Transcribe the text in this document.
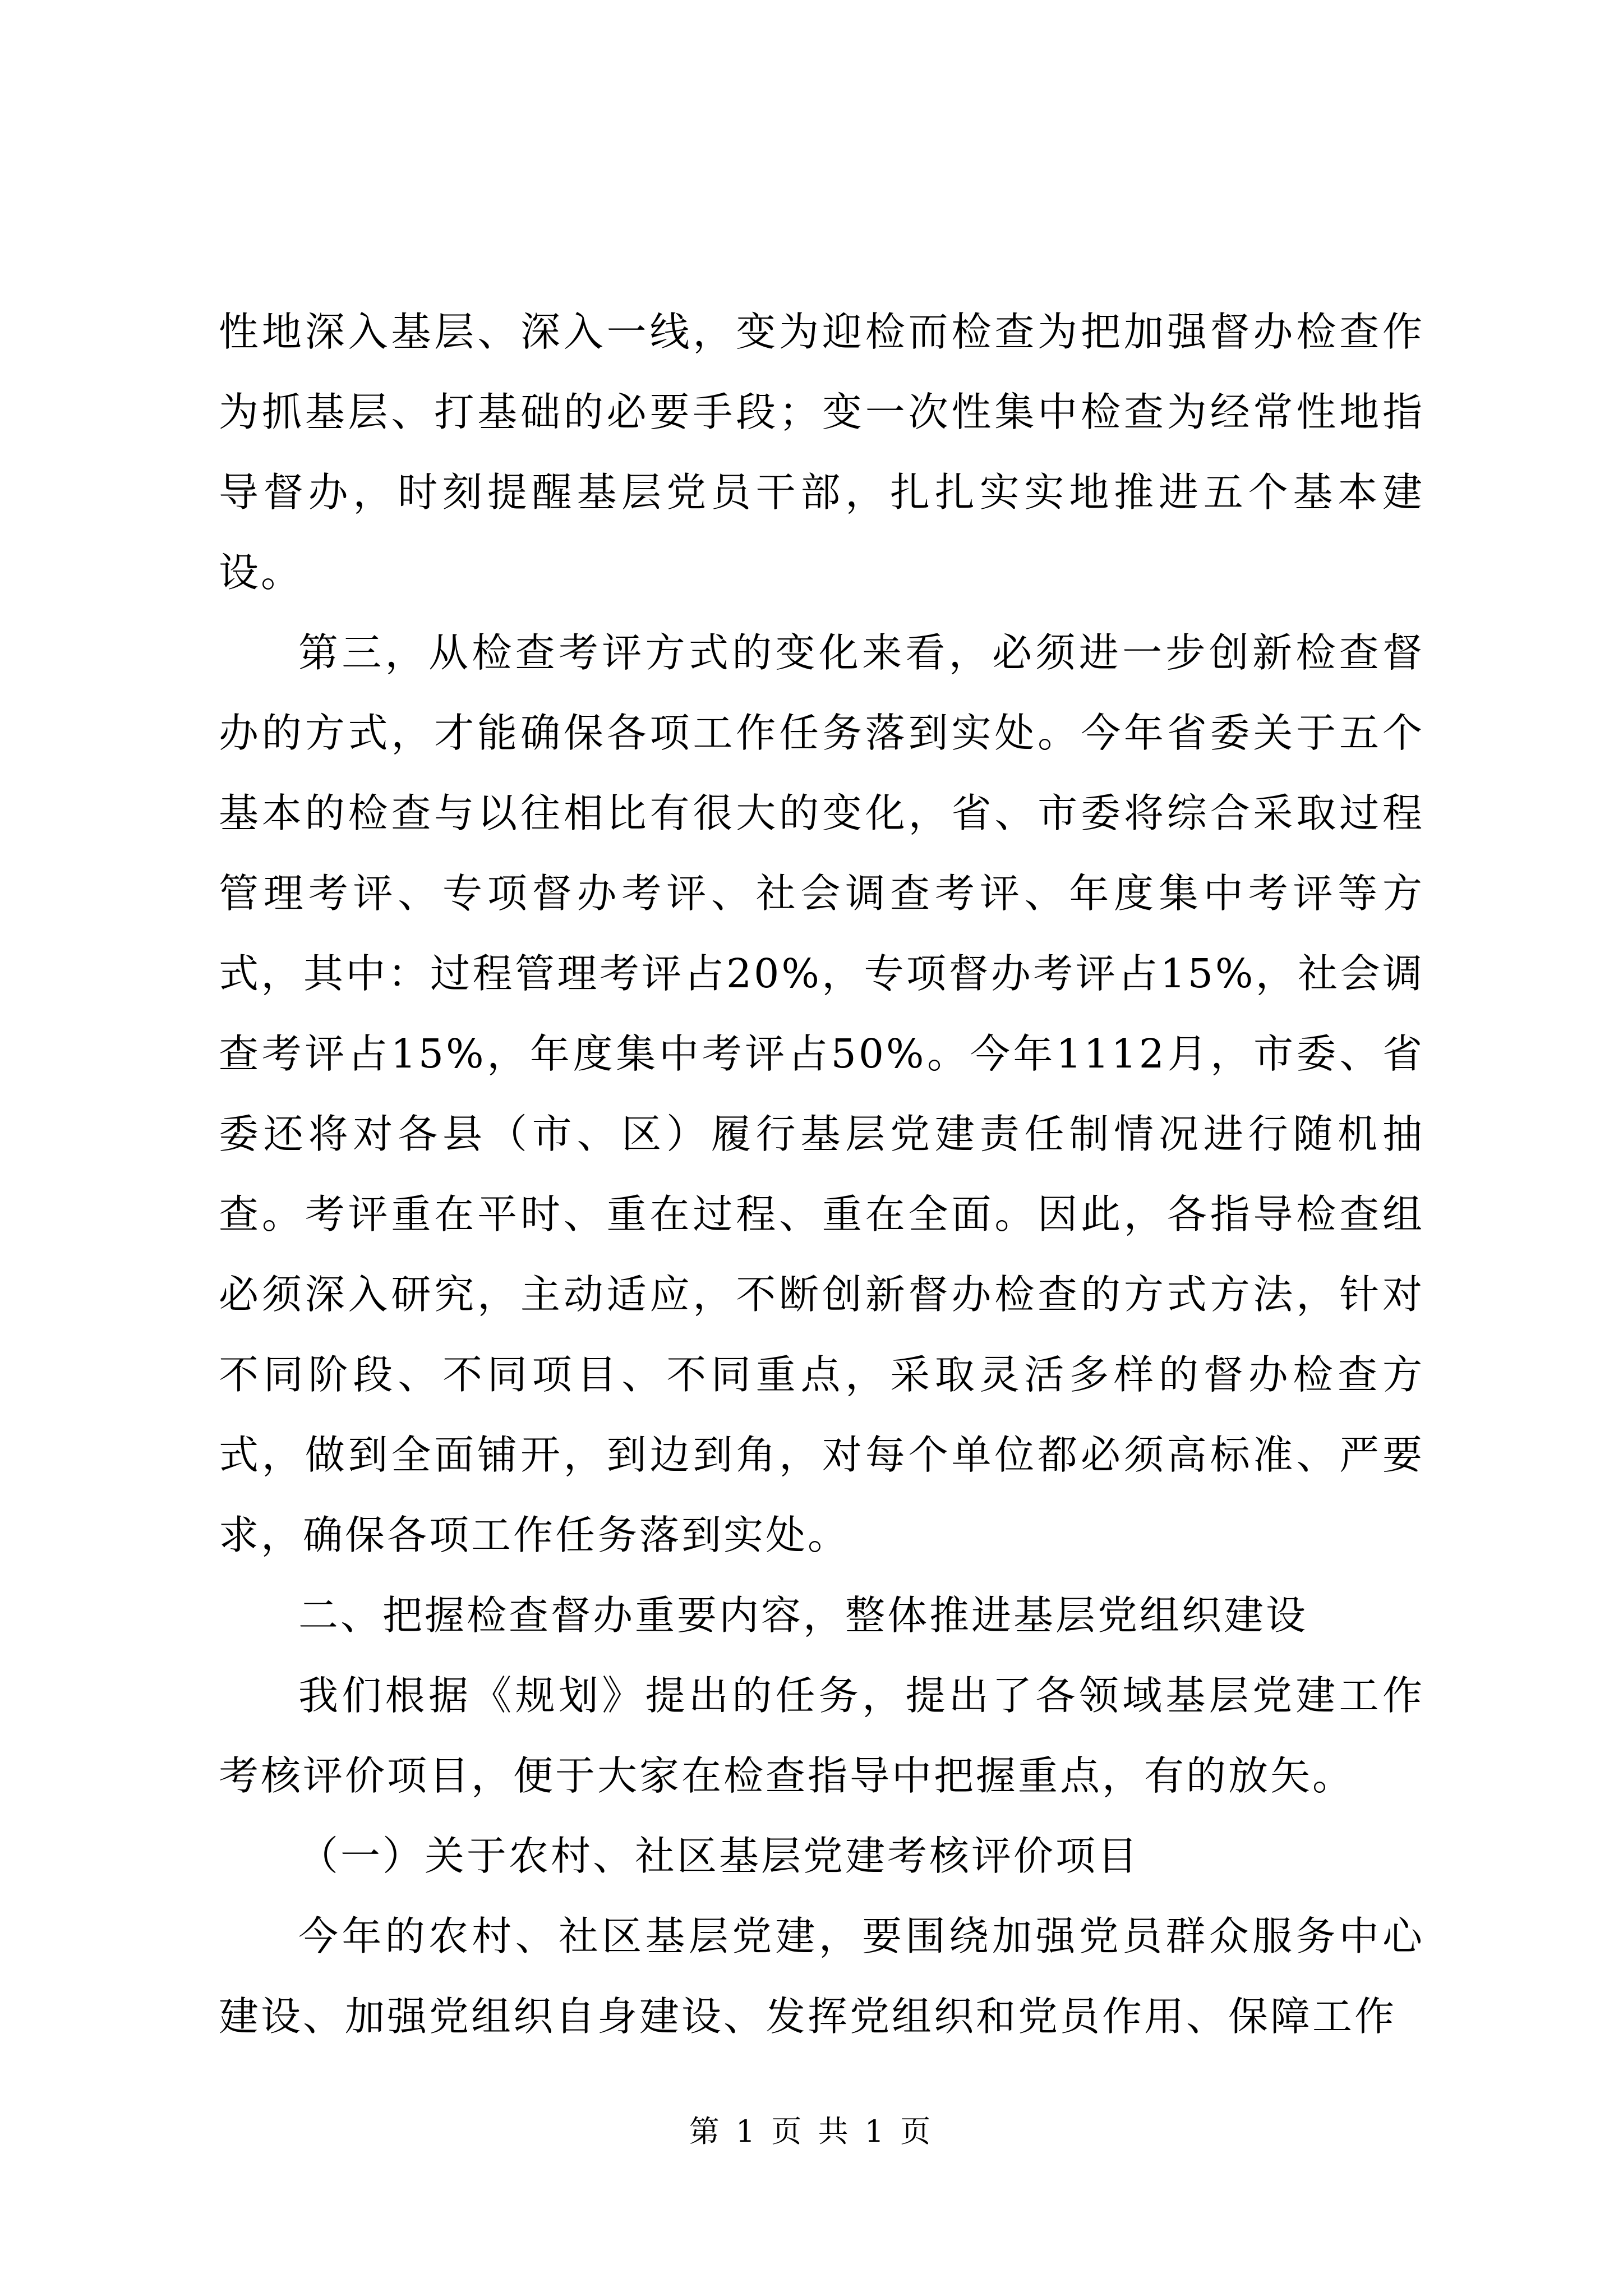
性地深入基层、深入一线，变为迎检而检查为把加强督办检查作为抓基层、打基础的必要手段；变一次性集中检查为经常性地指导督办，时刻提醒基层党员干部，扎扎实实地推进五个基本建设。

第三，从检查考评方式的变化来看，必须进一步创新检查督办的方式，才能确保各项工作任务落到实处。今年省委关于五个基本的检查与以往相比有很大的变化，省、市委将综合采取过程管理考评、专项督办考评、社会调查考评、年度集中考评等方式，其中：过程管理考评占20%，专项督办考评占15%，社会调查考评占15%，年度集中考评占50%。今年1112月，市委、省委还将对各县（市、区）履行基层党建责任制情况进行随机抽查。考评重在平时、重在过程、重在全面。因此，各指导检查组必须深入研究，主动适应，不断创新督办检查的方式方法，针对不同阶段、不同项目、不同重点，采取灵活多样的督办检查方式，做到全面铺开，到边到角，对每个单位都必须高标准、严要求，确保各项工作任务落到实处。

二、把握检查督办重要内容，整体推进基层党组织建设

我们根据《规划》提出的任务，提出了各领域基层党建工作考核评价项目，便于大家在检查指导中把握重点，有的放矢。

（一）关于农村、社区基层党建考核评价项目

今年的农村、社区基层党建，要围绕加强党员群众服务中心建设、加强党组织自身建设、发挥党组织和党员作用、保障工作

第 1 页 共 1 页
